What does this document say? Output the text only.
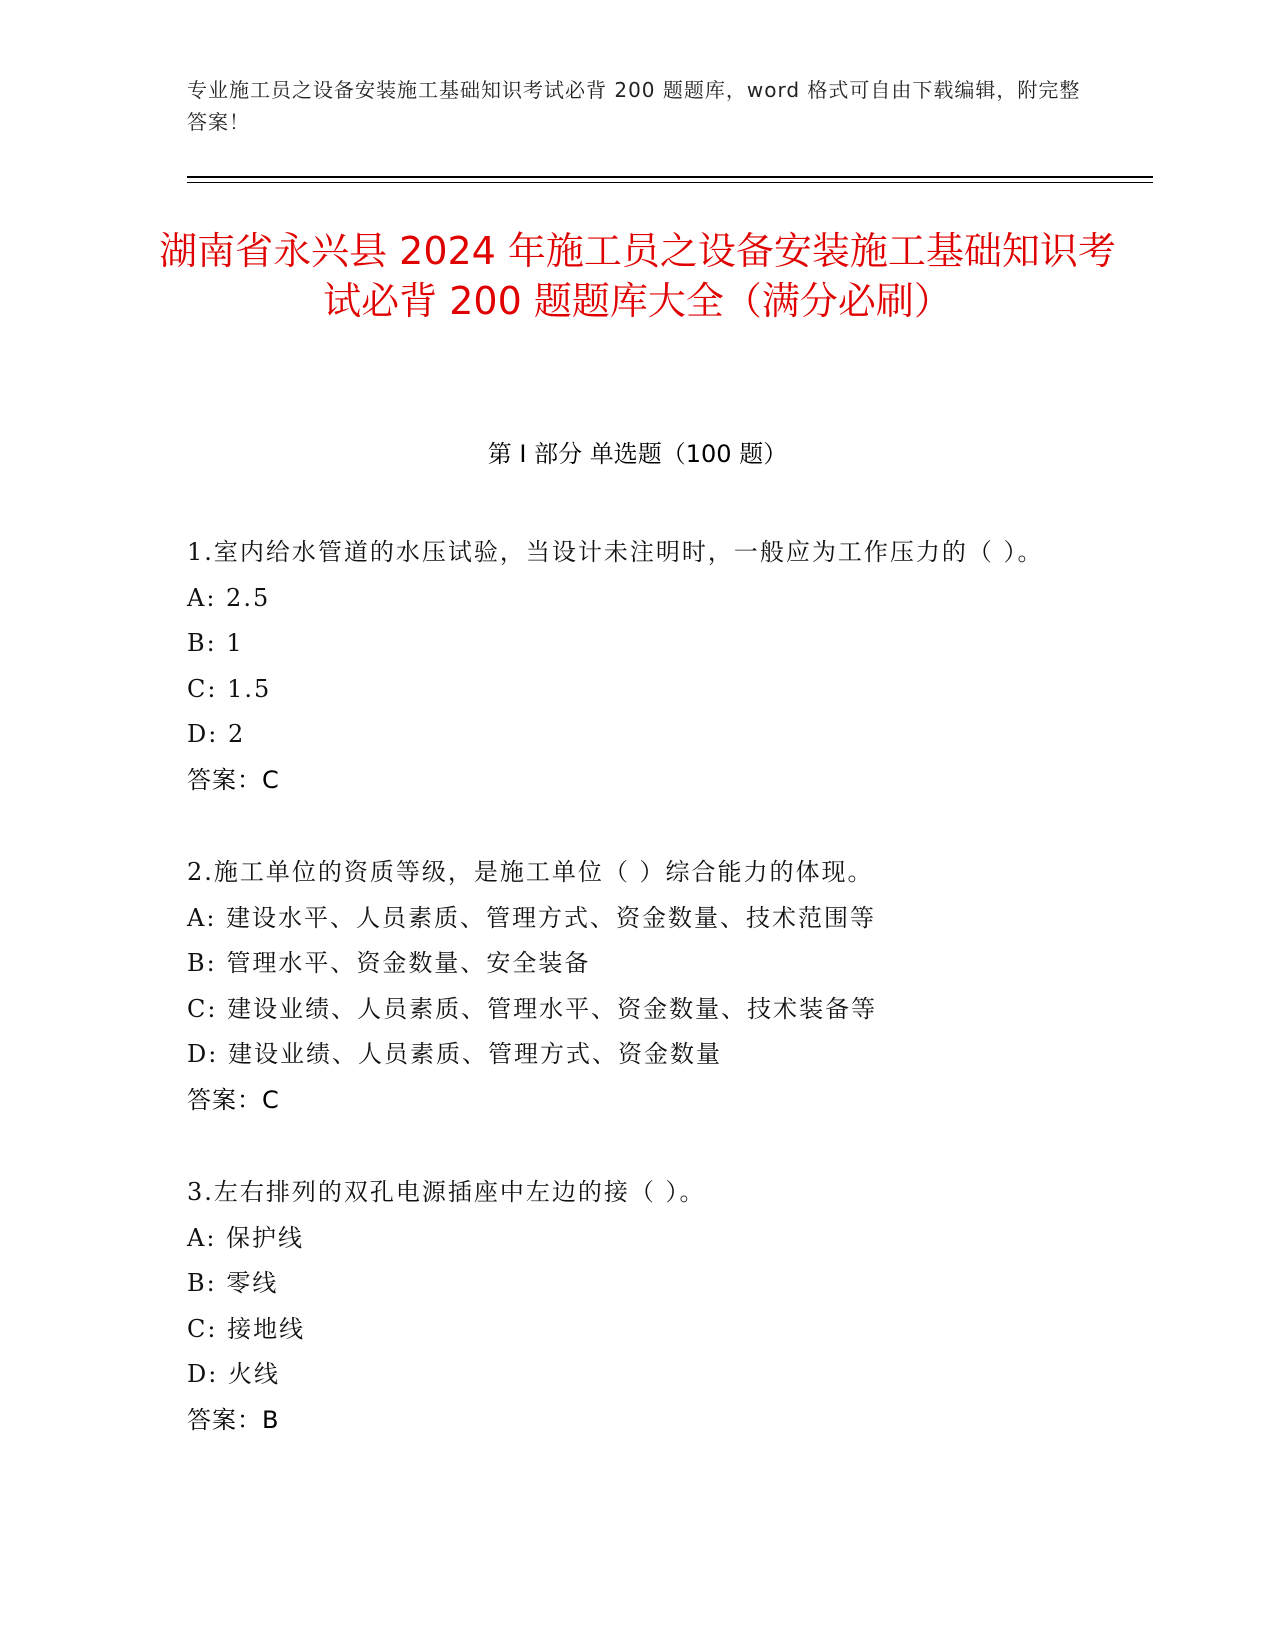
专业施工员之设备安装施工基础知识考试必背 200 题题库，word 格式可自由下载编辑，附完整答案！
湖南省永兴县 2024 年施工员之设备安装施工基础知识考试必背 200 题题库大全（满分必刷）
第 I 部分 单选题（100 题）
1.室内给水管道的水压试验，当设计未注明时，一般应为工作压力的（ ）。
A: 2.5
B: 1
C: 1.5
D: 2
答案：C
2.施工单位的资质等级，是施工单位（ ）综合能力的体现。
A: 建设水平、人员素质、管理方式、资金数量、技术范围等
B: 管理水平、资金数量、安全装备
C: 建设业绩、人员素质、管理水平、资金数量、技术装备等
D: 建设业绩、人员素质、管理方式、资金数量
答案：C
3.左右排列的双孔电源插座中左边的接（ ）。
A: 保护线
B: 零线
C: 接地线
D: 火线
答案：B
